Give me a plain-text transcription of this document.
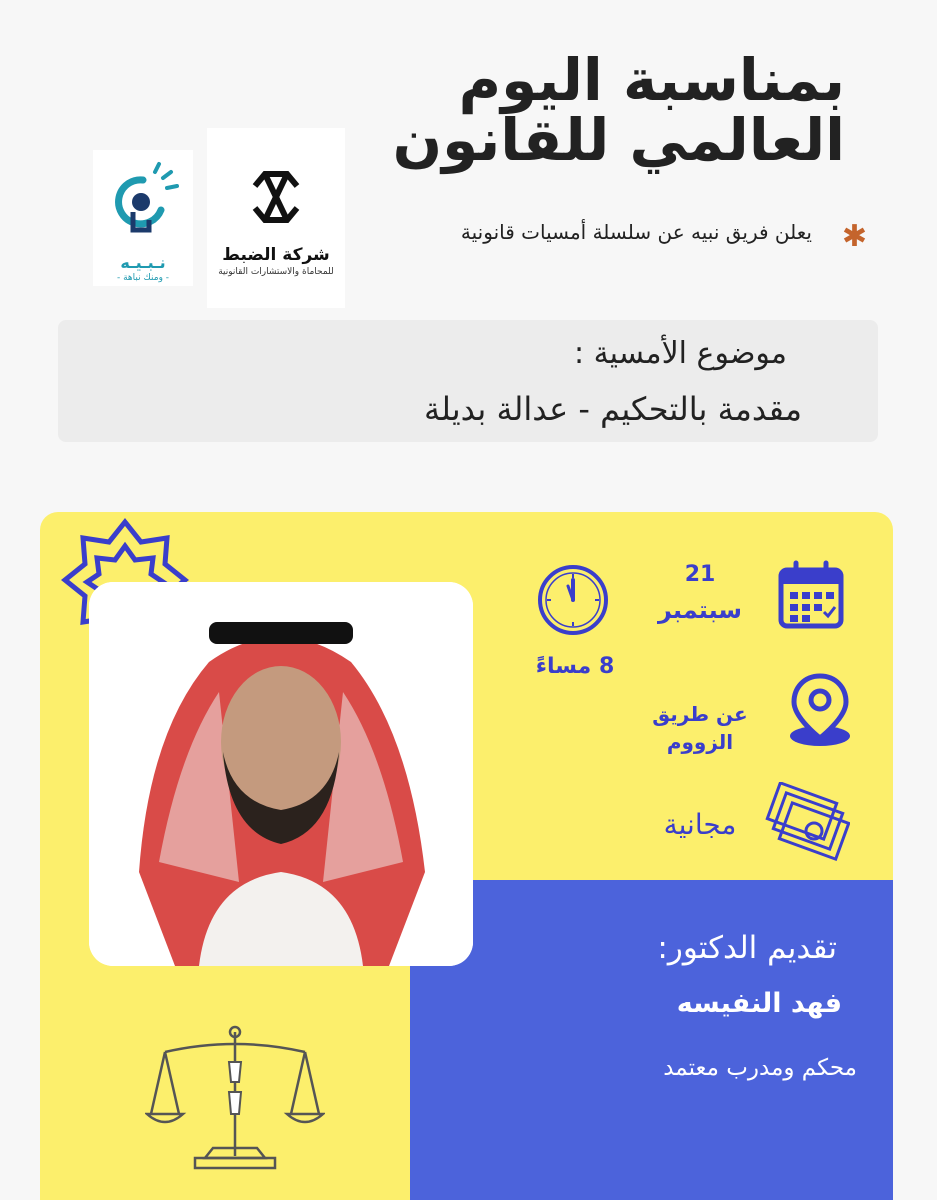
بمناسبة اليوم
العالمي للقانون
نـبـيـه
- ومنك نباهة -
شركة الضبط
للمحاماة والاستشارات القانونية
✱
يعلن فريق نبيه عن سلسلة أمسيات قانونية
موضوع الأمسية :
مقدمة بالتحكيم - عدالة بديلة
21
سبتمبر
8 مساءً
عن طريق الزووم
مجانية
تقديم الدكتور:
فهد النفيسه
محكم ومدرب معتمد
